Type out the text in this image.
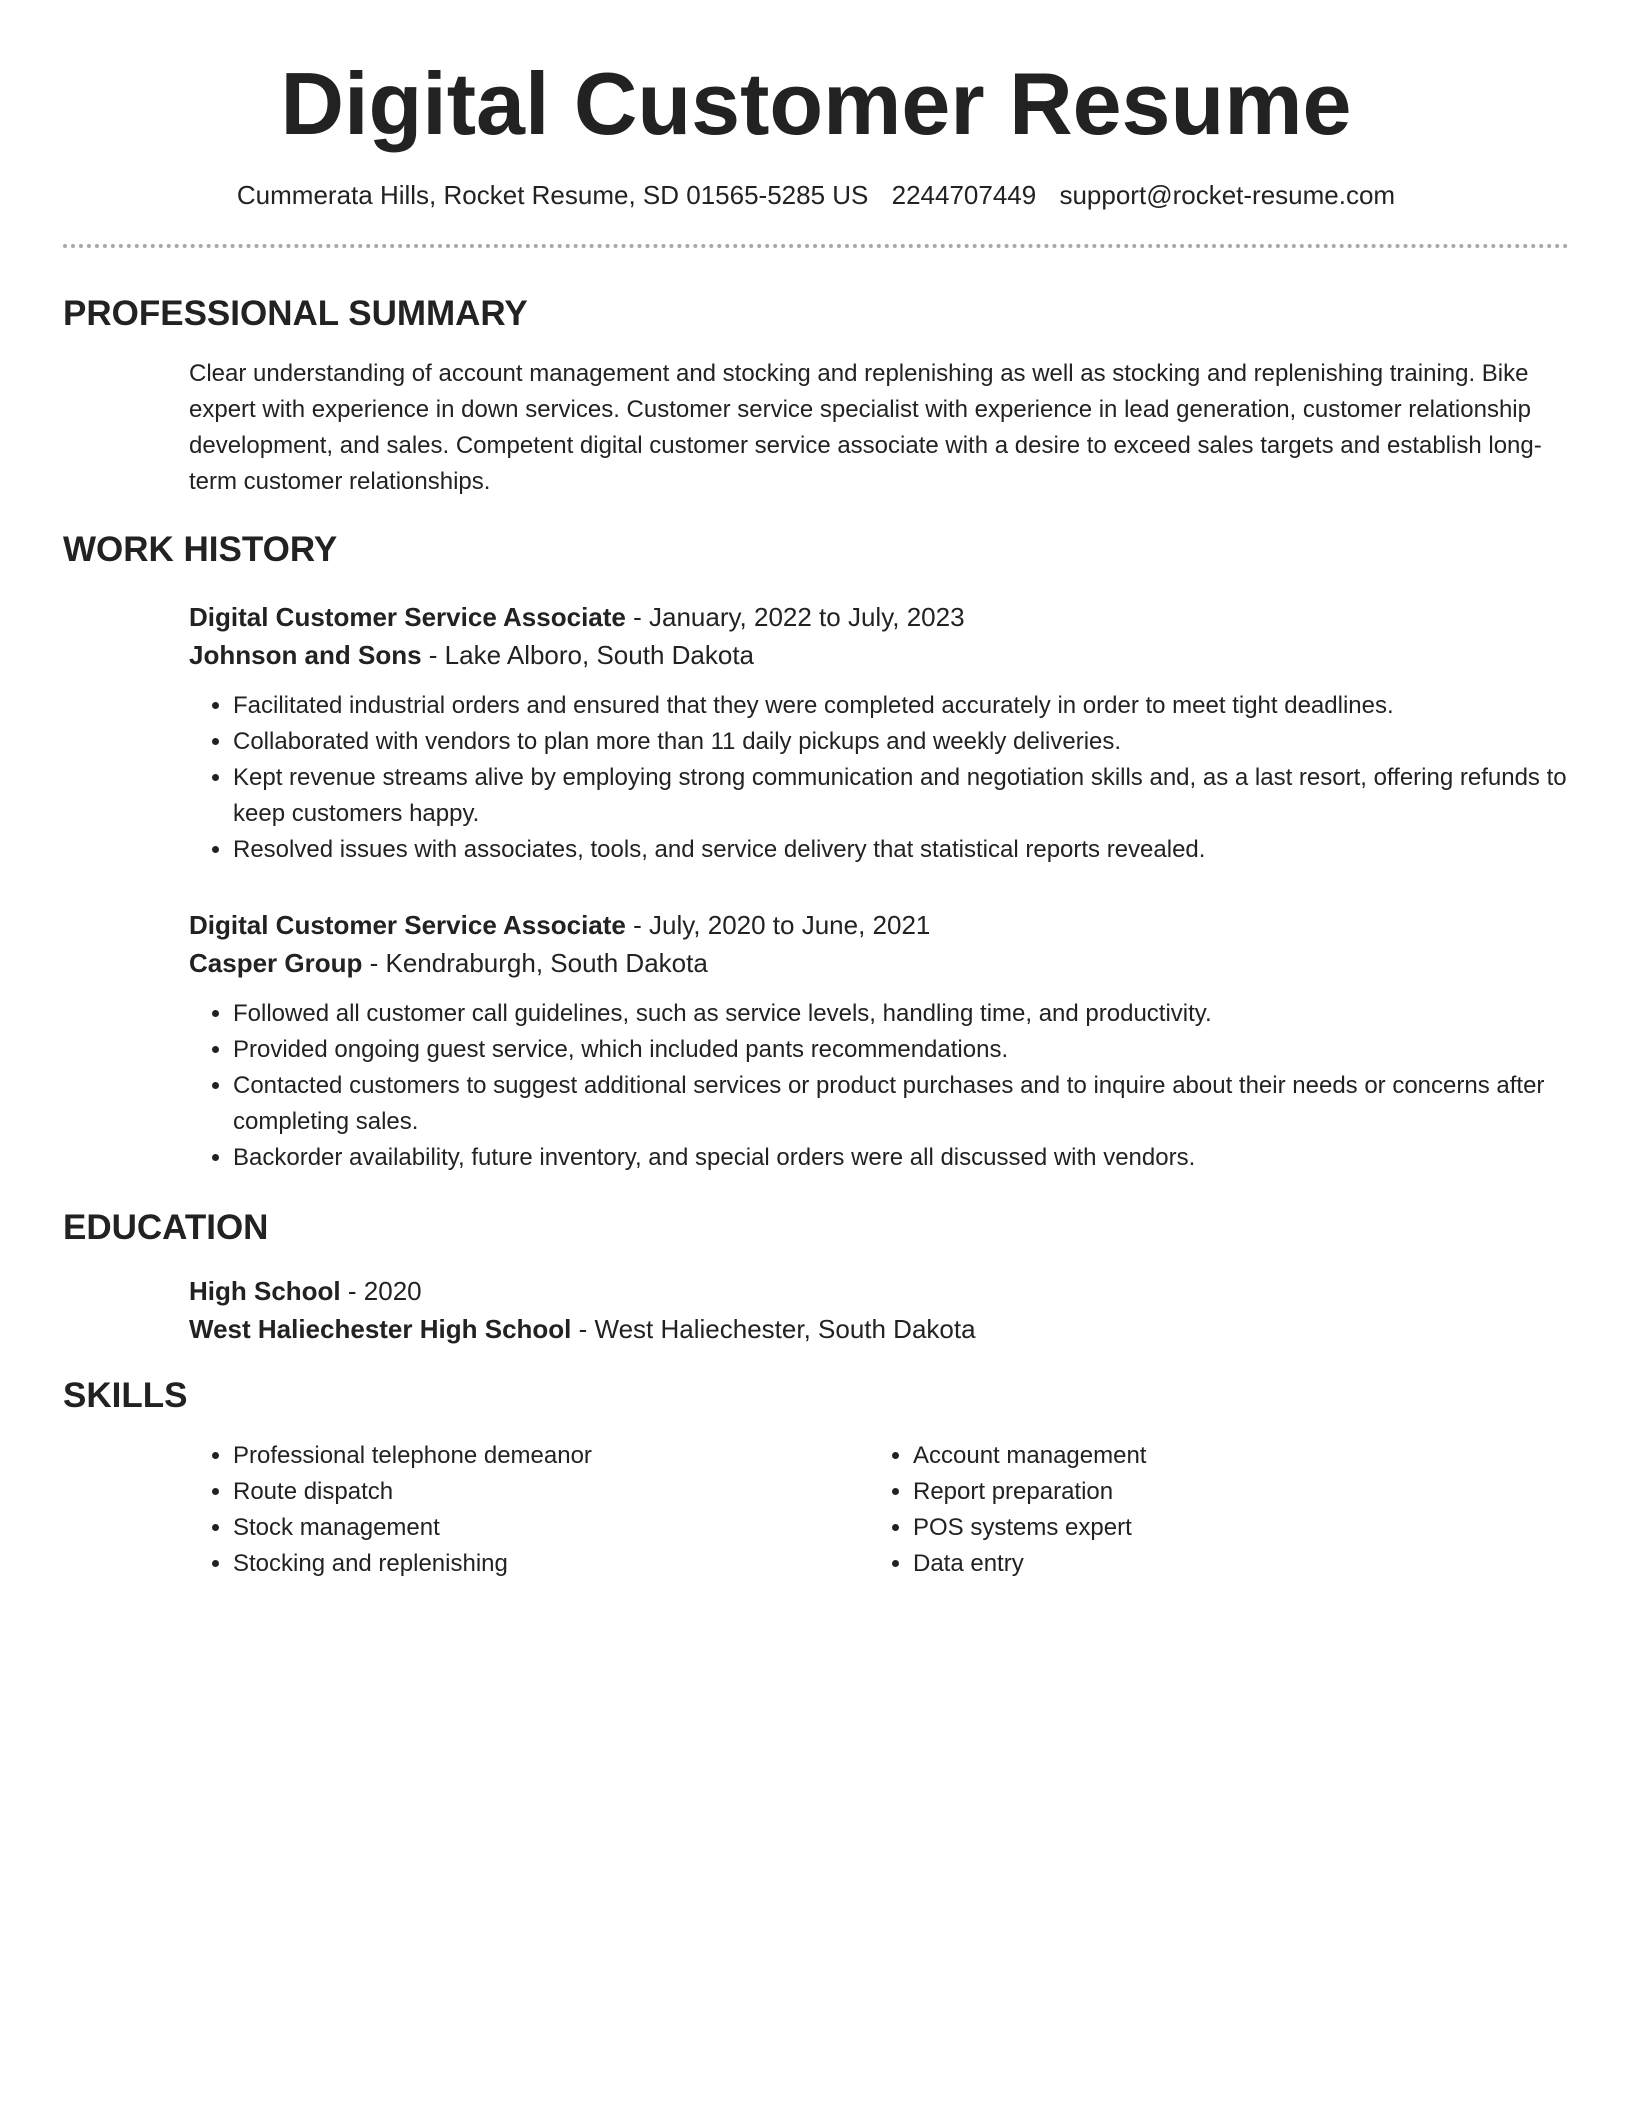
Digital Customer Resume
Cummerata Hills, Rocket Resume, SD 01565-5285 US 2244707449 support@rocket-resume.com
PROFESSIONAL SUMMARY

Clear understanding of account management and stocking and replenishing as well as stocking and replenishing training. Bike expert with experience in down services. Customer service specialist with experience in lead generation, customer relationship development, and sales. Competent digital customer service associate with a desire to exceed sales targets and establish long-term customer relationships.

WORK HISTORY
Digital Customer Service Associate - January, 2022 to July, 2023
Johnson and Sons - Lake Alboro, South Dakota
• Facilitated industrial orders and ensured that they were completed accurately in order to meet tight deadlines.
• Collaborated with vendors to plan more than 11 daily pickups and weekly deliveries.
• Kept revenue streams alive by employing strong communication and negotiation skills and, as a last resort, offering refunds to keep customers happy.
• Resolved issues with associates, tools, and service delivery that statistical reports revealed.
Digital Customer Service Associate - July, 2020 to June, 2021
Casper Group - Kendraburgh, South Dakota
• Followed all customer call guidelines, such as service levels, handling time, and productivity.
• Provided ongoing guest service, which included pants recommendations.
• Contacted customers to suggest additional services or product purchases and to inquire about their needs or concerns after completing sales.
• Backorder availability, future inventory, and special orders were all discussed with vendors.
EDUCATION
High School - 2020
West Haliechester High School - West Haliechester, South Dakota
SKILLS
• Professional telephone demeanor
• Route dispatch
• Stock management
• Stocking and replenishing
• Account management
• Report preparation
• POS systems expert
• Data entry
